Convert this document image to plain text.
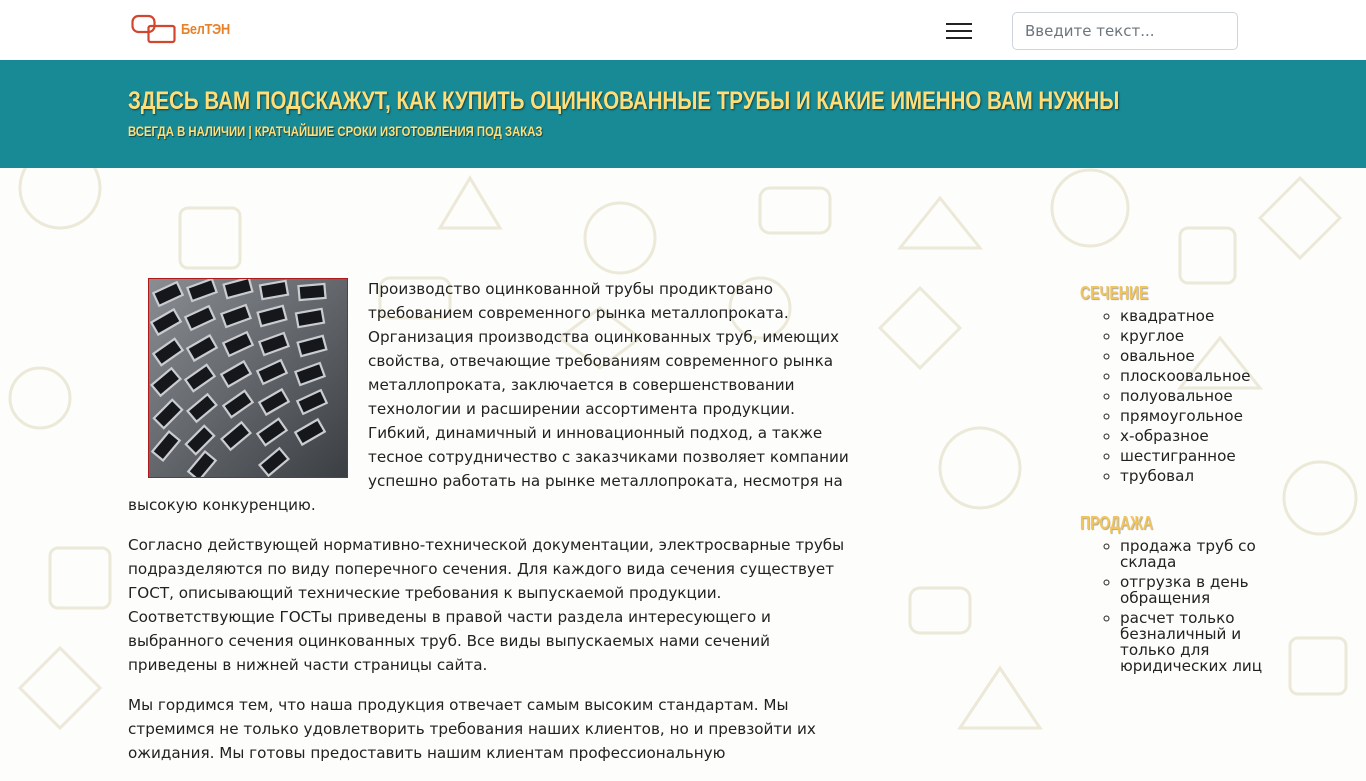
БелТЭН
Введите текст...
ЗДЕСЬ ВАМ ПОДСКАЖУТ, КАК КУПИТЬ ОЦИНКОВАННЫЕ ТРУБЫ И КАКИЕ ИМЕННО ВАМ НУЖНЫ

ВСЕГДА В НАЛИЧИИ | КРАТЧАЙШИЕ СРОКИ ИЗГОТОВЛЕНИЯ ПОД ЗАКАЗ

Производство оцинкованной трубы продиктовано требованием современного рынка металлопроката. Организация производства оцинкованных труб, имеющих свойства, отвечающие требованиям современного рынка металлопроката, заключается в совершенствовании технологии и расширении ассортимента продукции. Гибкий, динамичный и инновационный подход, а также тесное сотрудничество с заказчиками позволяет компании успешно работать на рынке металлопроката, несмотря на высокую конкуренцию.

Согласно действующей нормативно-технической документации, электросварные трубы подразделяются по виду поперечного сечения. Для каждого вида сечения существует ГОСТ, описывающий технические требования к выпускаемой продукции. Соответствующие ГОСТы приведены в правой части раздела интересующего и выбранного сечения оцинкованных труб. Все виды выпускаемых нами сечений приведены в нижней части страницы сайта.

Мы гордимся тем, что наша продукция отвечает самым высоким стандартам. Мы стремимся не только удовлетворить требования наших клиентов, но и превзойти их ожидания. Мы готовы предоставить нашим клиентам профессиональную

СЕЧЕНИЕ
◦ квадратное
◦ круглое
◦ овальное
◦ плоскоовальное
◦ полуовальное
◦ прямоугольное
◦ х-образное
◦ шестигранное
◦ трубовал
ПРОДАЖА
◦ продажа труб со склада
◦ отгрузка в день обращения
◦ расчет только безналичный и только для юридических лиц
